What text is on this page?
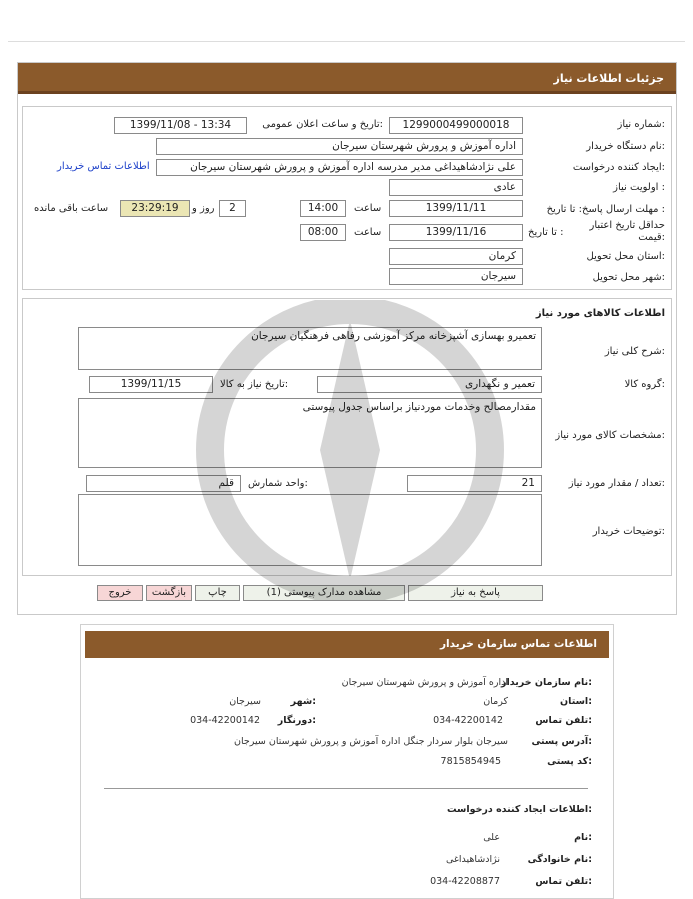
جزئیات اطلاعات نیاز
شماره نیاز:
1299000499000018
تاریخ و ساعت اعلان عمومی:
1399/11/08 - 13:34
نام دستگاه خریدار:
اداره آموزش و پرورش شهرستان سیرجان
ایجاد کننده درخواست:
علی نژادشاهیداغی مدیر مدرسه اداره آموزش و پرورش شهرستان سیرجان
اطلاعات تماس خریدار
اولویت نیاز :
عادی
مهلت ارسال پاسخ: تا تاریخ :
1399/11/11
ساعت
14:00
2
روز و
23:29:19
ساعت باقی مانده
حداقل تاریخ اعتبار قیمت:
تا تاریخ :
1399/11/16
ساعت
08:00
استان محل تحویل:
کرمان
شهر محل تحویل:
سیرجان
اطلاعات کالاهای مورد نیاز
شرح کلی نیاز:
تعمیرو بهسازی آشپزخانه مرکز آموزشی رفاهی فرهنگیان سیرجان
گروه کالا:
تعمیر و نگهداری
تاریخ نیاز به کالا:
1399/11/15
مشخصات کالای مورد نیاز:
مقدارمصالح وخدمات موردنیاز براساس جدول پیوستی
تعداد / مقدار مورد نیاز:
21
واحد شمارش:
قلم
توضیحات خریدار:
پاسخ به نیاز
مشاهده مدارک پیوستی (1)
چاپ
بازگشت
خروج
اطلاعات تماس سازمان خریدار
نام سازمان خریدار:
اداره آموزش و پرورش شهرستان سیرجان
استان:
کرمان
شهر:
سیرجان
تلفن تماس:
034-42200142
دورنگار:
034-42200142
آدرس پستی:
سیرجان بلوار سردار جنگل اداره آموزش و پرورش شهرستان سیرجان
کد پستی:
7815854945
اطلاعات ایجاد کننده درخواست:
نام:
علی
نام خانوادگی:
نژادشاهیداغی
تلفن تماس:
034-42208877
